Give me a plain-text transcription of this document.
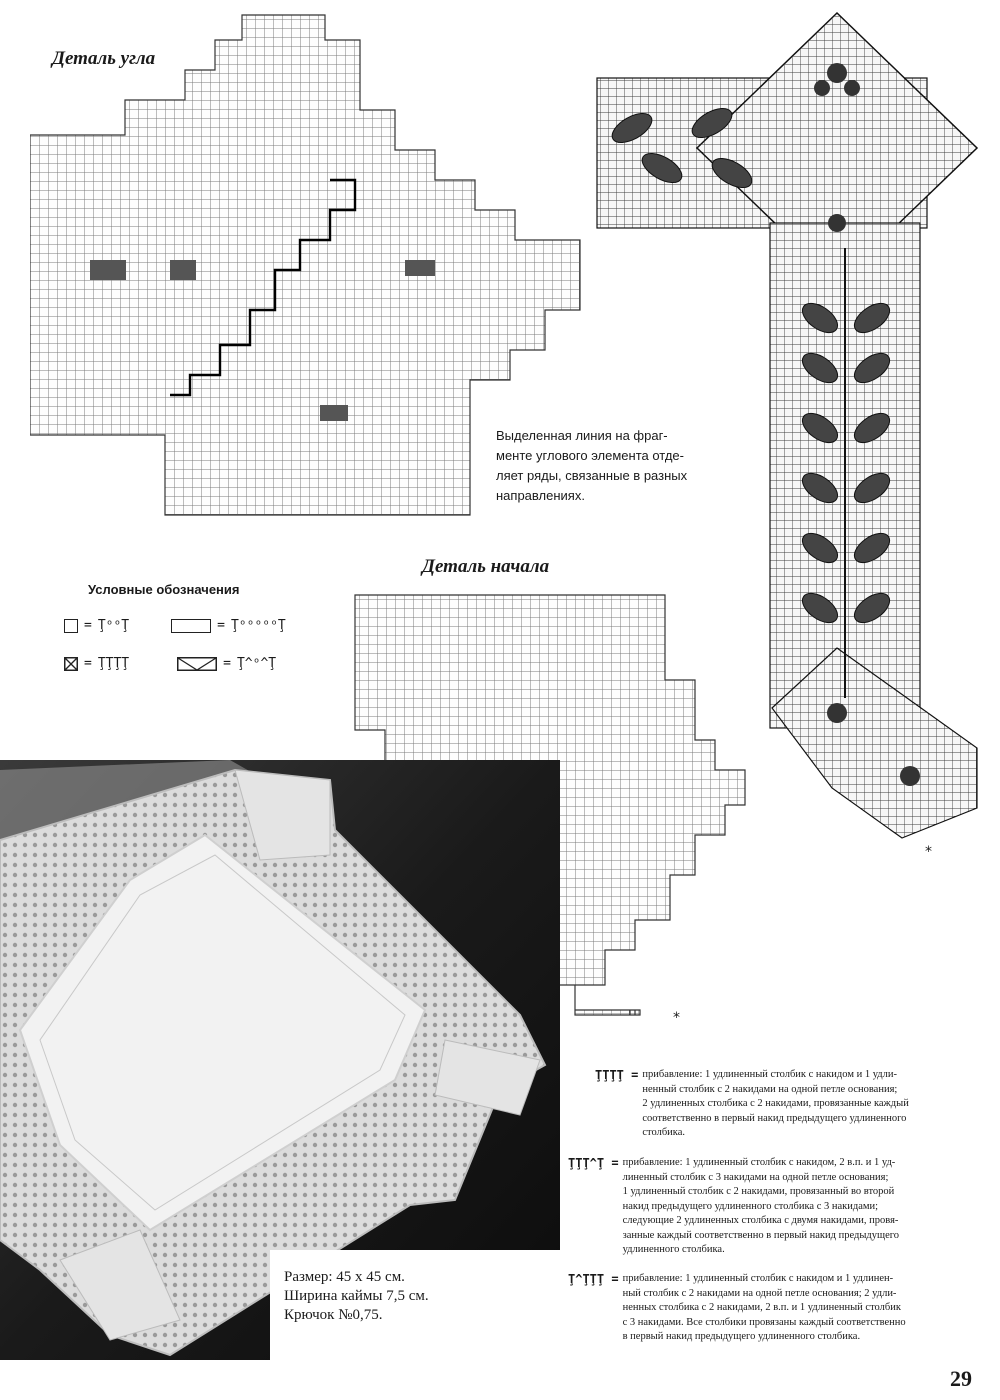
Деталь угла
Выделенная линия на фраг-
менте углового элемента отде-
ляет ряды, связанные в разных
направлениях.
*
Условные обозначения
= ŢᵒᵒŢ	= ŢᵒᵒᵒᵒᵒŢ
= ŢŢŢŢ	= Ţ^ᵒ^Ţ
Деталь начала
*
Размер: 45 х 45 см.
Ширина каймы 7,5 см.
Крючок №0,75.
ŢŢŢŢ = прибавление: 1 удлиненный столбик с накидом и 1 удли-
ненный столбик с 2 накидами на одной петле основания;
2 удлиненных столбика с 2 накидами, провязанные каждый
соответственно в первый накид предыдущего удлиненного
столбика.
ŢŢŢ^Ţ = прибавление: 1 удлиненный столбик с накидом, 2 в.п. и 1 уд-
линенный столбик с 3 накидами на одной петле основания;
1 удлиненный столбик с 2 накидами, провязанный во второй
накид предыдущего удлиненного столбика с 3 накидами;
следующие 2 удлиненных столбика с двумя накидами, провя-
занные каждый соответственно в первый накид предыдущего
удлиненного столбика.
Ţ^ŢŢŢ = прибавление: 1 удлиненный столбик с накидом и 1 удлинен-
ный столбик с 2 накидами на одной петле основания; 2 удли-
ненных столбика с 2 накидами, 2 в.п. и 1 удлиненный столбик
с 3 накидами. Все столбики провязаны каждый соответственно
в первый накид предыдущего удлиненного столбика.
29
